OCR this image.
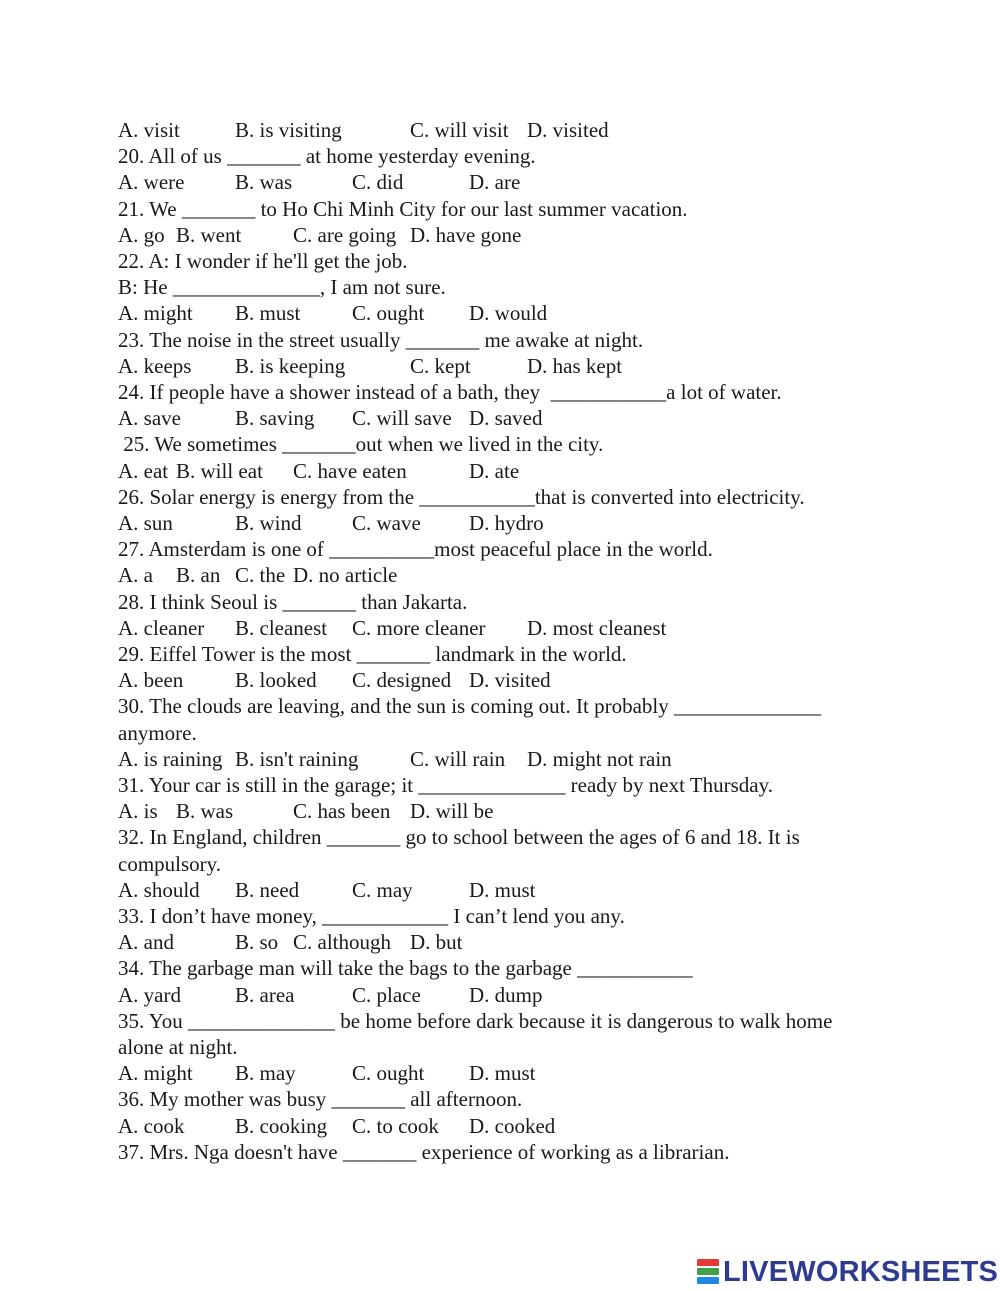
A. visit	B. is visiting	C. will visit D. visited
20. All of us _______ at home yesterday evening.
A. were B. was	C. did	D. are
21. We _______ to Ho Chi Minh City for our last summer vacation.
A. go B. went C. are going D. have gone
22. A: I wonder if he'll get the job.
B: He ______________, I am not sure.
A. might B. must C. ought D. would
23. The noise in the street usually _______ me awake at night.
A. keeps B. is keeping	C. kept	D. has kept
24. If people have a shower instead of a bath, they  ___________a lot of water.
A. save	B. saving C. will save D. saved
25. We sometimes _______out when we lived in the city.
A. eat B. will eat C. have eaten	D. ate
26. Solar energy is energy from the ___________that is converted into electricity.
A. sun	B. wind C. wave D. hydro
27. Amsterdam is one of __________most peaceful place in the world.
A. a B. an C. the D. no article
28. I think Seoul is _______ than Jakarta.
A. cleaner B. cleanest C. more cleaner D. most cleanest
29. Eiffel Tower is the most _______ landmark in the world.
A. been B. looked C. designed D. visited
30. The clouds are leaving, and the sun is coming out. It probably ______________
anymore.
A. is raining B. isn't raining C. will rain D. might not rain
31. Your car is still in the garage; it ______________ ready by next Thursday.
A. is B. was	C. has been D. will be
32. In England, children _______ go to school between the ages of 6 and 18. It is
compulsory.
A. should B. need	C. may	D. must
33. I don’t have money, ____________ I can’t lend you any.
A. and	B. so C. although D. but
34. The garbage man will take the bags to the garbage ___________
A. yard	B. area	C. place D. dump
35. You ______________ be home before dark because it is dangerous to walk home
alone at night.
A. might B. may	C. ought D. must
36. My mother was busy _______ all afternoon.
A. cook B. cooking C. to cook D. cooked
37. Mrs. Nga doesn't have _______ experience of working as a librarian.
LIVEWORKSHEETS
